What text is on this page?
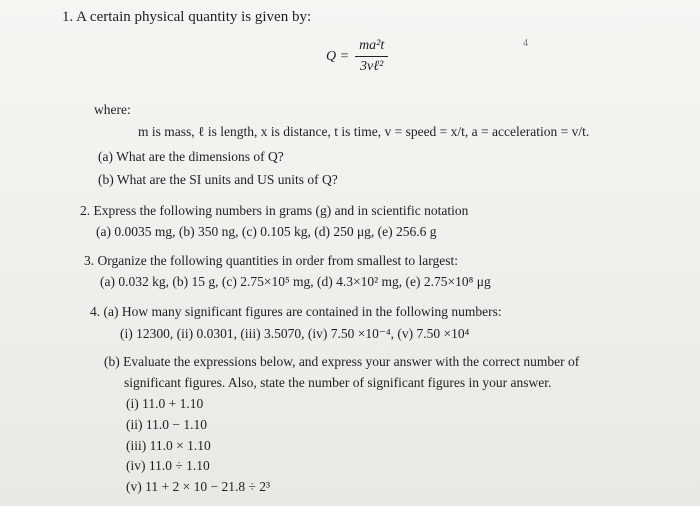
1. A certain physical quantity is given by:
$Q = \frac{\text{ma²t}}{\text{3vℓ²}}$	4
where:
m is mass, ℓ is length, x is distance, t is time, v = speed = x/t, a = acceleration = v/t.
(a) What are the dimensions of Q?
(b) What are the SI units and US units of Q?
2. Express the following numbers in grams (g) and in scientific notation
(a) 0.0035 mg, (b) 350 ng, (c) 0.105 kg, (d) 250 μg, (e) 256.6 g
3. Organize the following quantities in order from smallest to largest:
(a) 0.032 kg, (b) 15 g, (c) 2.75×10⁵ mg, (d) 4.3×10² mg, (e) 2.75×10⁸ μg
4. (a) How many significant figures are contained in the following numbers:
(i) 12300, (ii) 0.0301, (iii) 3.5070, (iv) 7.50 ×10⁻⁴, (v) 7.50 ×10⁴
(b) Evaluate the expressions below, and express your answer with the correct number of
significant figures. Also, state the number of significant figures in your answer.
(i) 11.0 + 1.10
(ii) 11.0 − 1.10
(iii) 11.0 × 1.10
(iv) 11.0 ÷ 1.10
(v) 11 + 2 × 10 − 21.8 ÷ 2³
